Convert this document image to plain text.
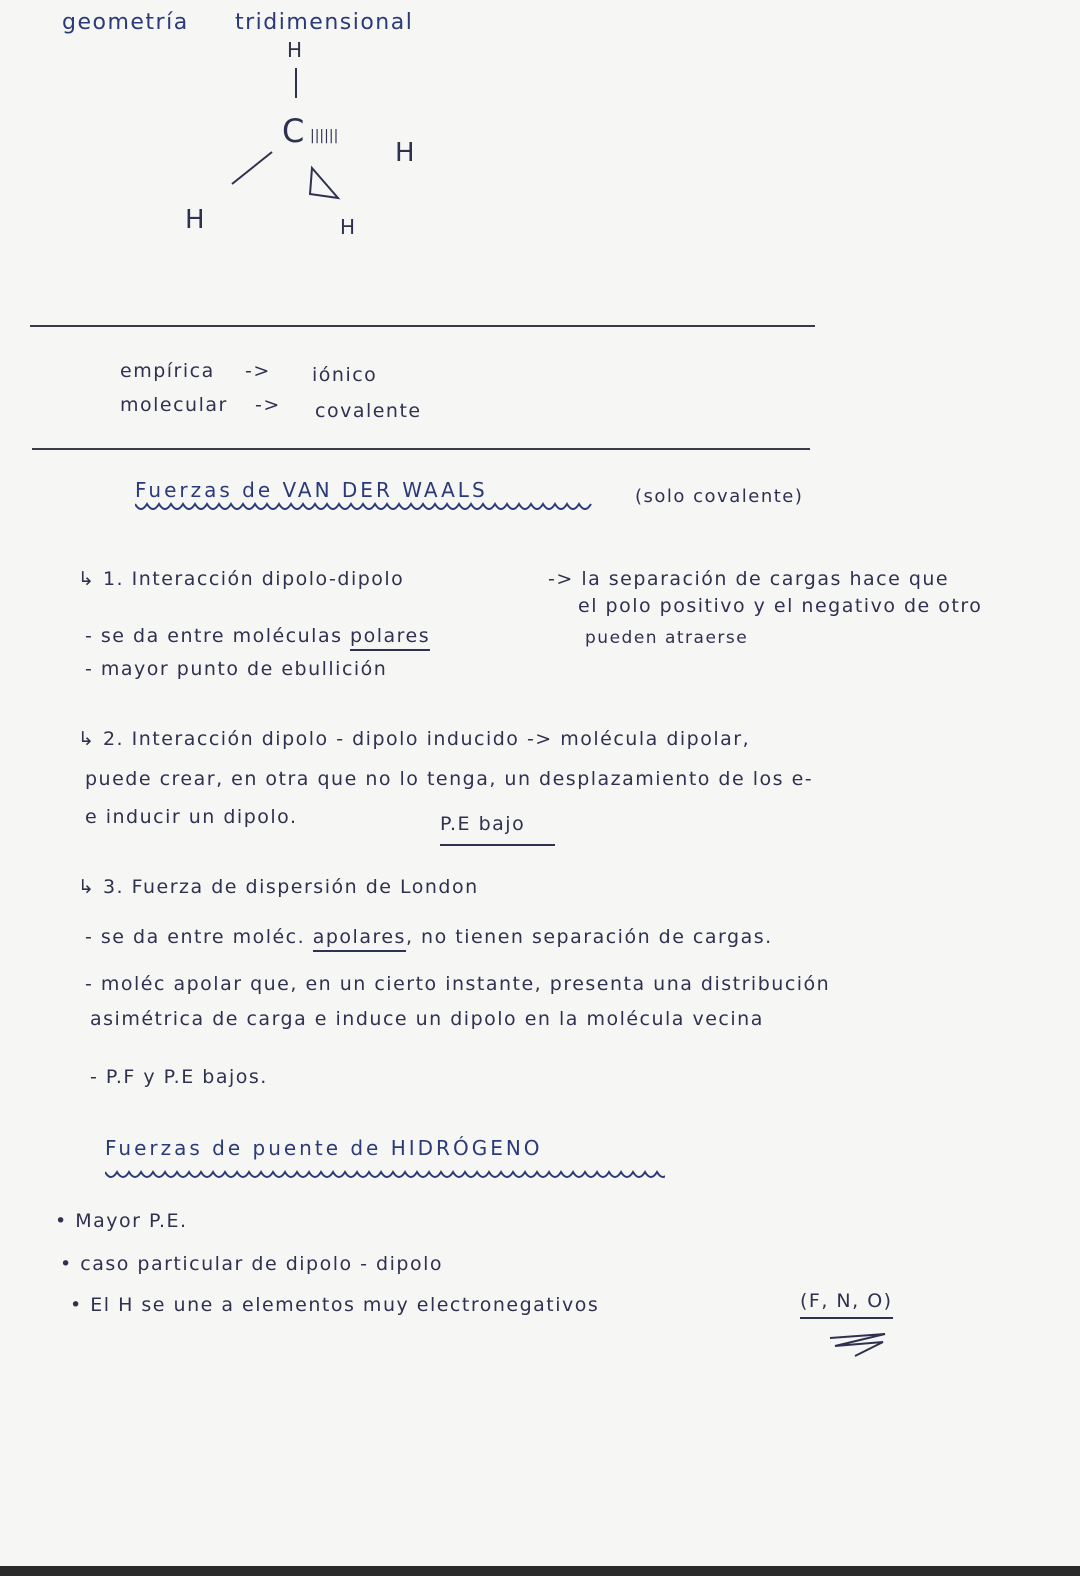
geometría tridimensional
H
C ||||||
H
H	H
empírica -> iónico
molecular -> covalente
Fuerzas de VAN DER WAALS	(solo covalente)
↳ 1. Interacción dipolo-dipolo	-> la separación de cargas hace que
el polo positivo y el negativo de otro
- se da entre moléculas polares	pueden atraerse
- mayor punto de ebullición
↳ 2. Interacción dipolo - dipolo inducido -> molécula dipolar,
puede crear, en otra que no lo tenga, un desplazamiento de los e-
e inducir un dipolo.	P.E bajo
↳ 3. Fuerza de dispersión de London
- se da entre moléc. apolares, no tienen separación de cargas.
- moléc apolar que, en un cierto instante, presenta una distribución
asimétrica de carga e induce un dipolo en la molécula vecina
- P.F y P.E bajos.
Fuerzas de puente de HIDRÓGENO
• Mayor P.E.
• caso particular de dipolo - dipolo
• El H se une a elementos muy electronegativos	(F, N, O)
